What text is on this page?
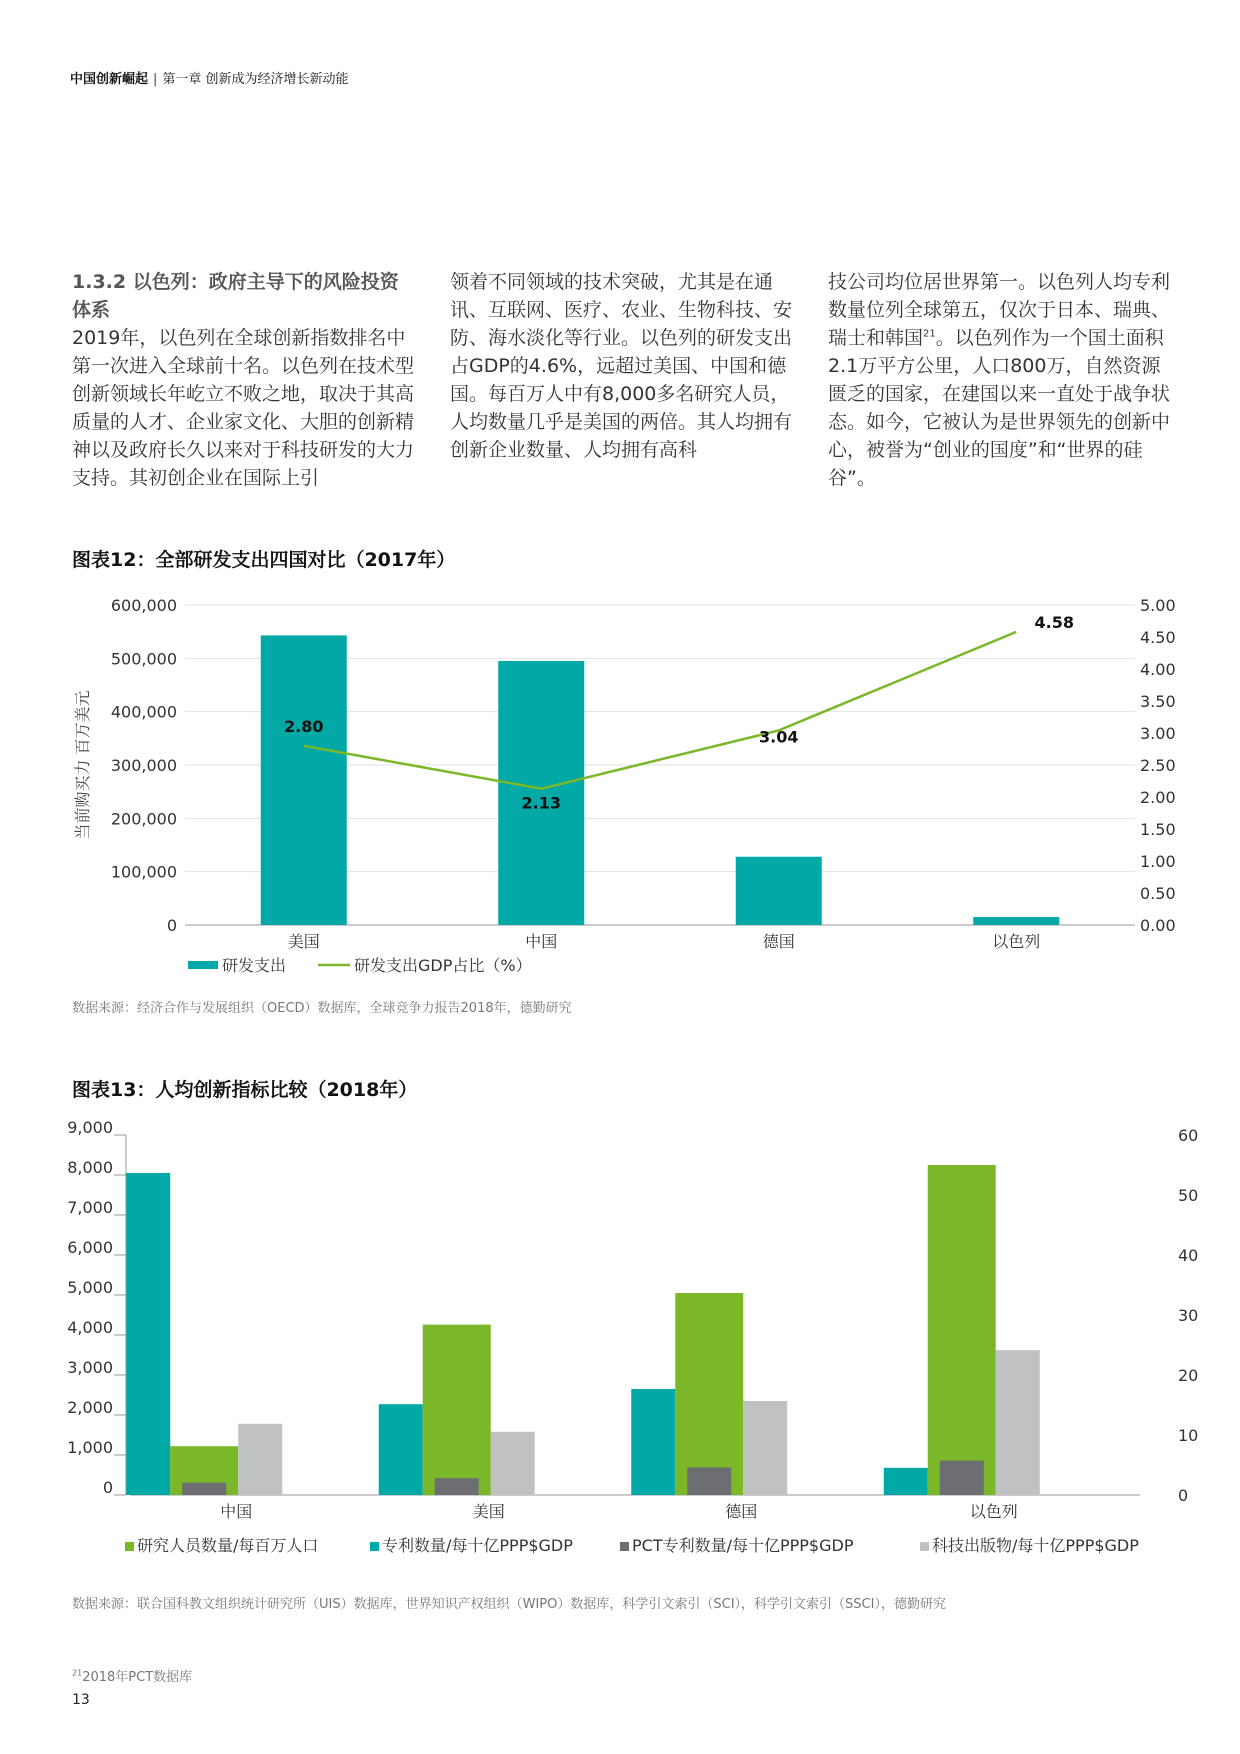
中国创新崛起 | 第一章 创新成为经济增长新动能
1.3.2 以色列：政府主导下的风险投资体系

2019年，以色列在全球创新指数排名中第一次进入全球前十名。以色列在技术型创新领域长年屹立不败之地，取决于其高质量的人才、企业家文化、大胆的创新精神以及政府长久以来对于科技研发的大力支持。其初创企业在国际上引

领着不同领域的技术突破，尤其是在通讯、互联网、医疗、农业、生物科技、安防、海水淡化等行业。以色列的研发支出占GDP的4.6%，远超过美国、中国和德国。每百万人中有8,000多名研究人员，人均数量几乎是美国的两倍。其人均拥有创新企业数量、人均拥有高科

技公司均位居世界第一。以色列人均专利数量位列全球第五，仅次于日本、瑞典、瑞士和韩国$^{21}$。以色列作为一个国土面积2.1万平方公里，人口800万，自然资源匮乏的国家，在建国以来一直处于战争状态。如今，它被认为是世界领先的创新中心，被誉为“创业的国度”和“世界的硅谷”。

图表12：全部研发支出四国对比（2017年）
0
100,000
200,000
300,000
400,000
500,000
600,000
0.00
0.50
1.00
1.50
2.00
2.50
3.00
3.50
4.00
4.50
5.00
当前购买力 百万美元
美国	中国	德国	以色列
2.80
2.13
3.04
4.58
研发支出	研发支出GDP占比（%）
数据来源：经济合作与发展组织（OECD）数据库，全球竞争力报告2018年，德勤研究
图表13：人均创新指标比较（2018年）
0
1,000
2,000
3,000
4,000
5,000
6,000
7,000
8,000
9,000
0
10
20
30
40
50
60
中国	美国	德国	以色列
研究人员数量/每百万人口	专利数量/每十亿PPP$GDP	PCT专利数量/每十亿PPP$GDP	科技出版物/每十亿PPP$GDP
数据来源：联合国科教文组织统计研究所（UIS）数据库，世界知识产权组织（WIPO）数据库，科学引文索引（SCI），科学引文索引（SSCI），德勤研究
$^{21}$2018年PCT数据库
13
